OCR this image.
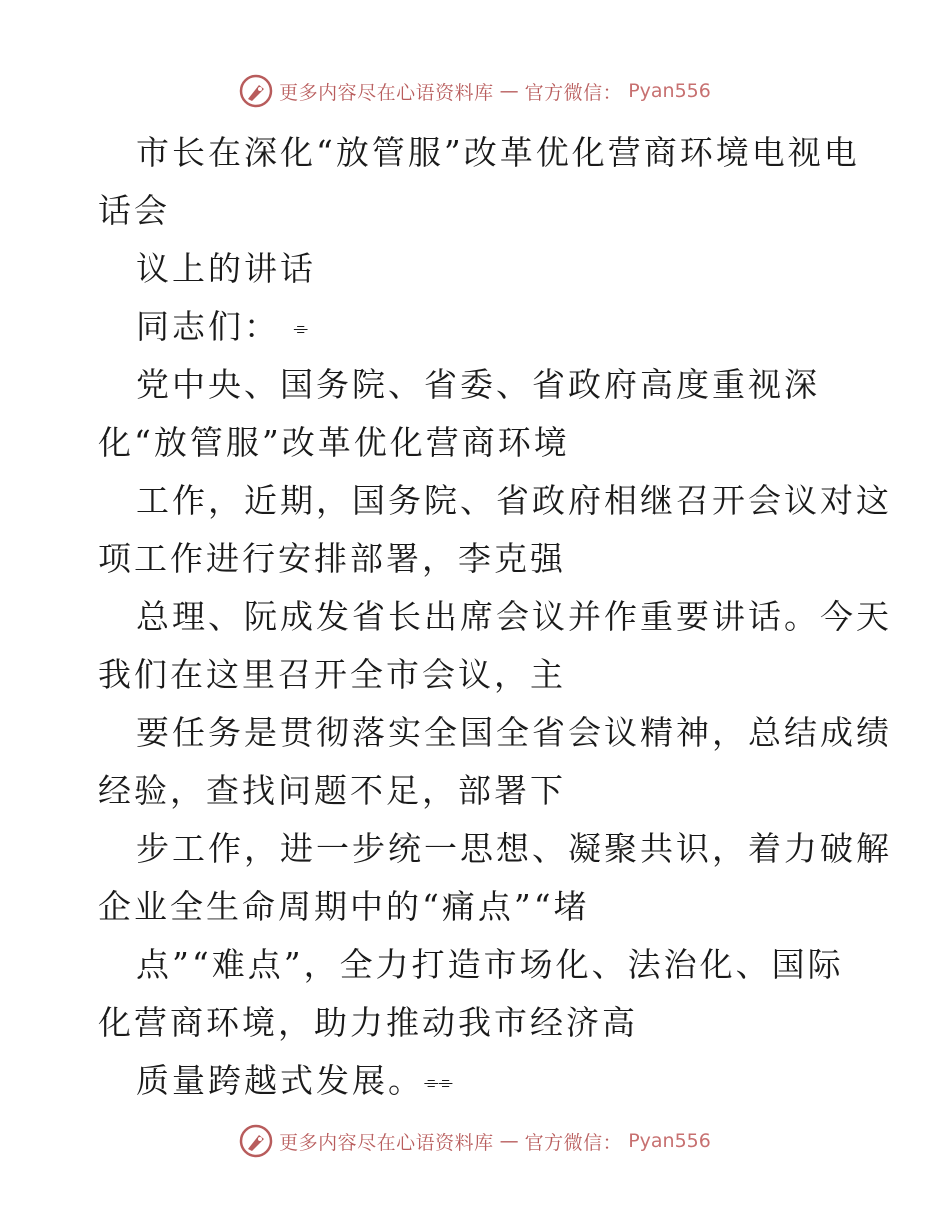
更多内容尽在心语资料库 — 官方微信： Pyan556
市长在深化“放管服”改革优化营商环境电视电
话会
议上的讲话
同志们： ⌯
党中央、国务院、省委、省政府高度重视深
化“放管服”改革优化营商环境
工作，近期，国务院、省政府相继召开会议对这
项工作进行安排部署，李克强
总理、阮成发省长出席会议并作重要讲话。今天
我们在这里召开全市会议，主
要任务是贯彻落实全国全省会议精神，总结成绩
经验，查找问题不足，部署下
步工作，进一步统一思想、凝聚共识，着力破解
企业全生命周期中的“痛点”“堵
点”“难点”，全力打造市场化、法治化、国际
化营商环境，助力推动我市经济高
质量跨越式发展。⌯⌯
更多内容尽在心语资料库 — 官方微信： Pyan556
